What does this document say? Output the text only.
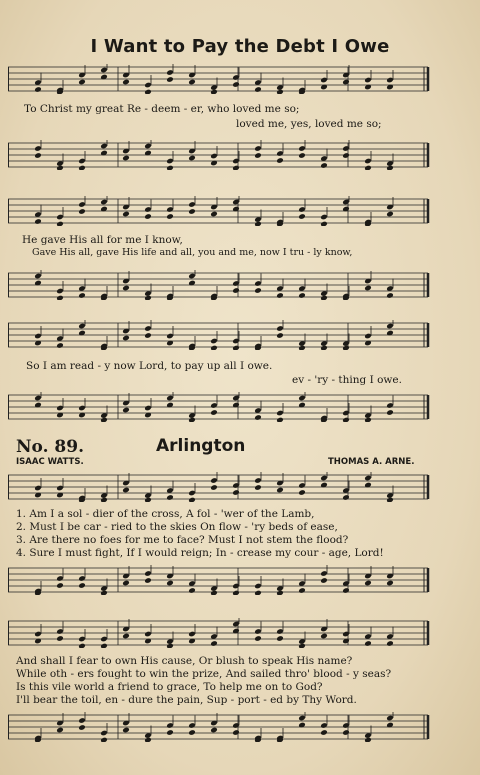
I Want to Pay the Debt I Owe
To Christ my great Re - deem - er, who loved me so;
loved me, yes, loved me so;
He gave His all for me I know,
Gave His all, gave His life and all, you and me, now I tru - ly know,
So I am read - y now Lord, to pay up all I owe.
ev - 'ry - thing I owe.
No. 89.	Arlington
ISAAC WATTS.	THOMAS A. ARNE.
1. Am I a sol - dier of the cross, A fol - 'wer of the Lamb,
2. Must I be car - ried to the skies On flow - 'ry beds of ease,
3. Are there no foes for me to face? Must I not stem the flood?
4. Sure I must fight, If I would reign; In - crease my cour - age, Lord!
And shall I fear to own His cause, Or blush to speak His name?
While oth - ers fought to win the prize, And sailed thro' blood - y seas?
Is this vile world a friend to grace, To help me on to God?
I'll bear the toil, en - dure the pain, Sup - port - ed by Thy Word.
